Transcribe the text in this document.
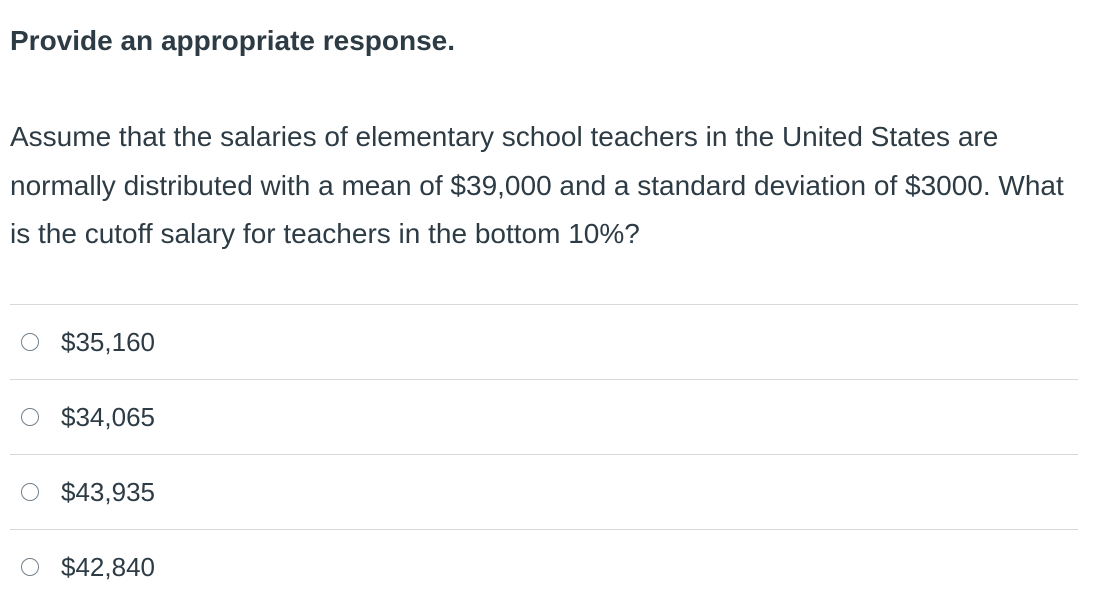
Provide an appropriate response.
Assume that the salaries of elementary school teachers in the United States are normally distributed with a mean of $39,000 and a standard deviation of $3000. What is the cutoff salary for teachers in the bottom 10%?
$35,160
$34,065
$43,935
$42,840
